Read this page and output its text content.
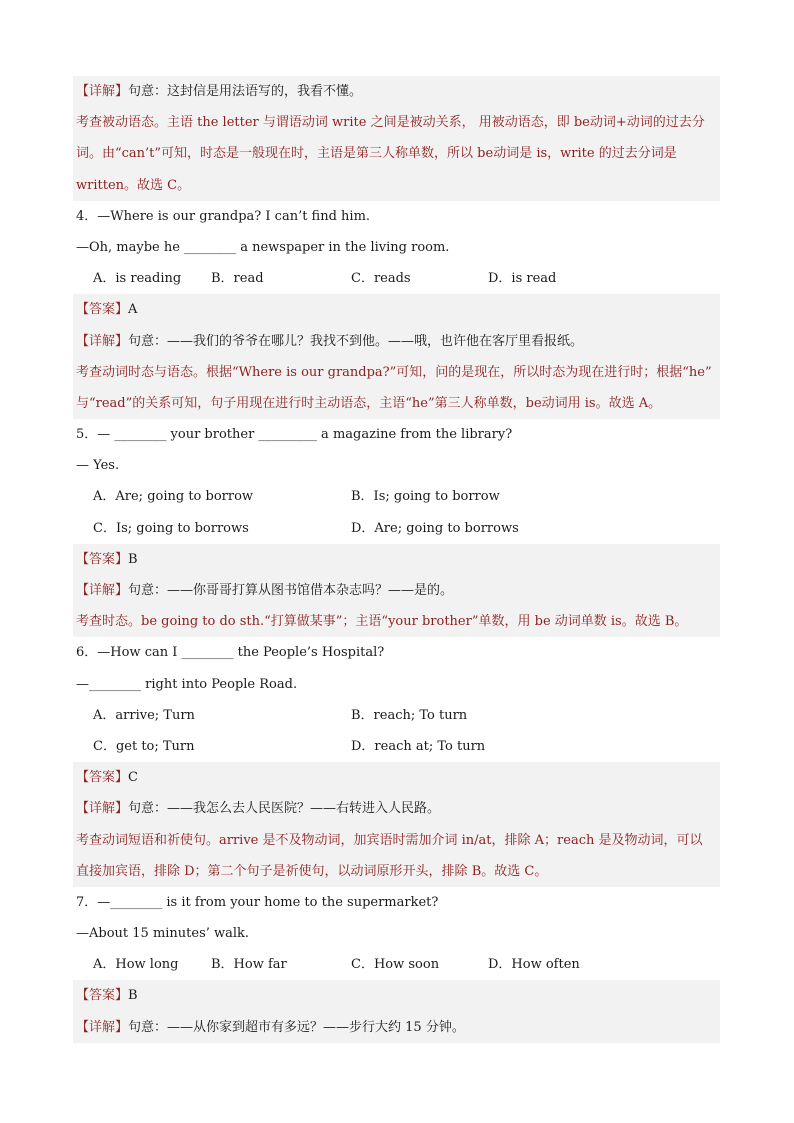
【详解】句意：这封信是用法语写的，我看不懂。
考查被动语态。主语 the letter 与谓语动词 write 之间是被动关系， 用被动语态，即 be动词+动词的过去分
词。由“can’t”可知，时态是一般现在时，主语是第三人称单数，所以 be动词是 is，write 的过去分词是
written。故选 C。
4．—Where is our grandpa? I can’t find him.
—Oh, maybe he ________ a newspaper in the living room.
A．is reading B．read	C．reads	D．is read
【答案】A
【详解】句意：——我们的爷爷在哪儿？我找不到他。——哦，也许他在客厅里看报纸。
考查动词时态与语态。根据“Where is our grandpa?”可知，问的是现在，所以时态为现在进行时；根据“he”
与“read”的关系可知，句子用现在进行时主动语态，主语“he”第三人称单数，be动词用 is。故选 A。
5．— ________ your brother _________ a magazine from the library?
— Yes.
A．Are; going to borrow	B．Is; going to borrow
C．Is; going to borrows	D．Are; going to borrows
【答案】B
【详解】句意：——你哥哥打算从图书馆借本杂志吗？——是的。
考查时态。be going to do sth.“打算做某事”；主语“your brother”单数，用 be 动词单数 is。故选 B。
6．—How can I ________ the People’s Hospital?
—________ right into People Road.
A．arrive; Turn	B．reach; To turn
C．get to; Turn	D．reach at; To turn
【答案】C
【详解】句意：——我怎么去人民医院？——右转进入人民路。
考查动词短语和祈使句。arrive 是不及物动词，加宾语时需加介词 in/at，排除 A；reach 是及物动词，可以
直接加宾语，排除 D；第二个句子是祈使句，以动词原形开头，排除 B。故选 C。
7．—________ is it from your home to the supermarket?
—About 15 minutes’ walk.
A．How long	B．How far	C．How soon	D．How often
【答案】B
【详解】句意：——从你家到超市有多远？——步行大约 15 分钟。
